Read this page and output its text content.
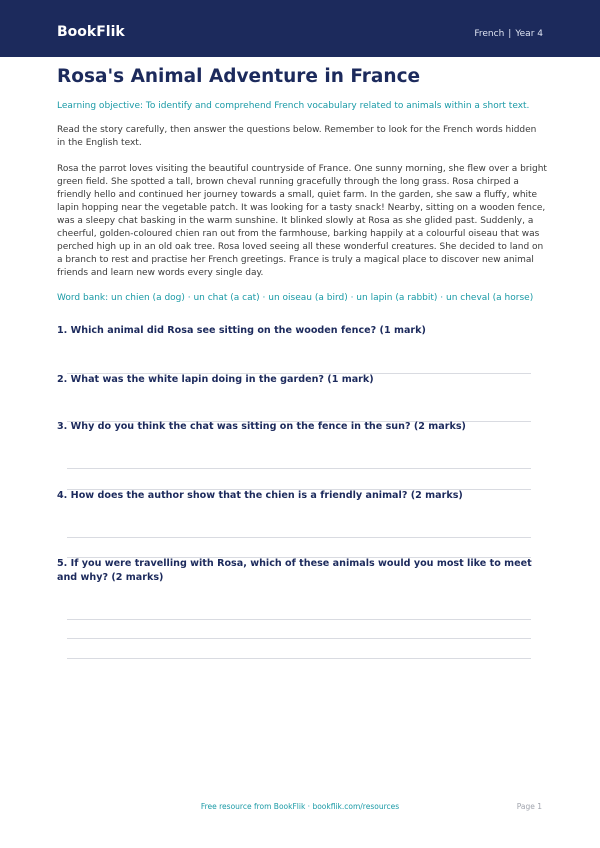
BookFlik	French | Year 4
Rosa's Animal Adventure in France

Learning objective: To identify and comprehend French vocabulary related to animals within a short text.

Read the story carefully, then answer the questions below. Remember to look for the French words hidden in the English text.

Rosa the parrot loves visiting the beautiful countryside of France. One sunny morning, she flew over a bright green field. She spotted a tall, brown cheval running gracefully through the long grass. Rosa chirped a friendly hello and continued her journey towards a small, quiet farm. In the garden, she saw a fluffy, white lapin hopping near the vegetable patch. It was looking for a tasty snack! Nearby, sitting on a wooden fence, was a sleepy chat basking in the warm sunshine. It blinked slowly at Rosa as she glided past. Suddenly, a cheerful, golden-coloured chien ran out from the farmhouse, barking happily at a colourful oiseau that was perched high up in an old oak tree. Rosa loved seeing all these wonderful creatures. She decided to land on a branch to rest and practise her French greetings. France is truly a magical place to discover new animal friends and learn new words every single day.

Word bank: un chien (a dog) · un chat (a cat) · un oiseau (a bird) · un lapin (a rabbit) · un cheval (a horse)

1. Which animal did Rosa see sitting on the wooden fence? (1 mark)
2. What was the white lapin doing in the garden? (1 mark)
3. Why do you think the chat was sitting on the fence in the sun? (2 marks)
4. How does the author show that the chien is a friendly animal? (2 marks)
5. If you were travelling with Rosa, which of these animals would you most like to meet and why? (2 marks)
Free resource from BookFlik · bookflik.com/resources	Page 1
